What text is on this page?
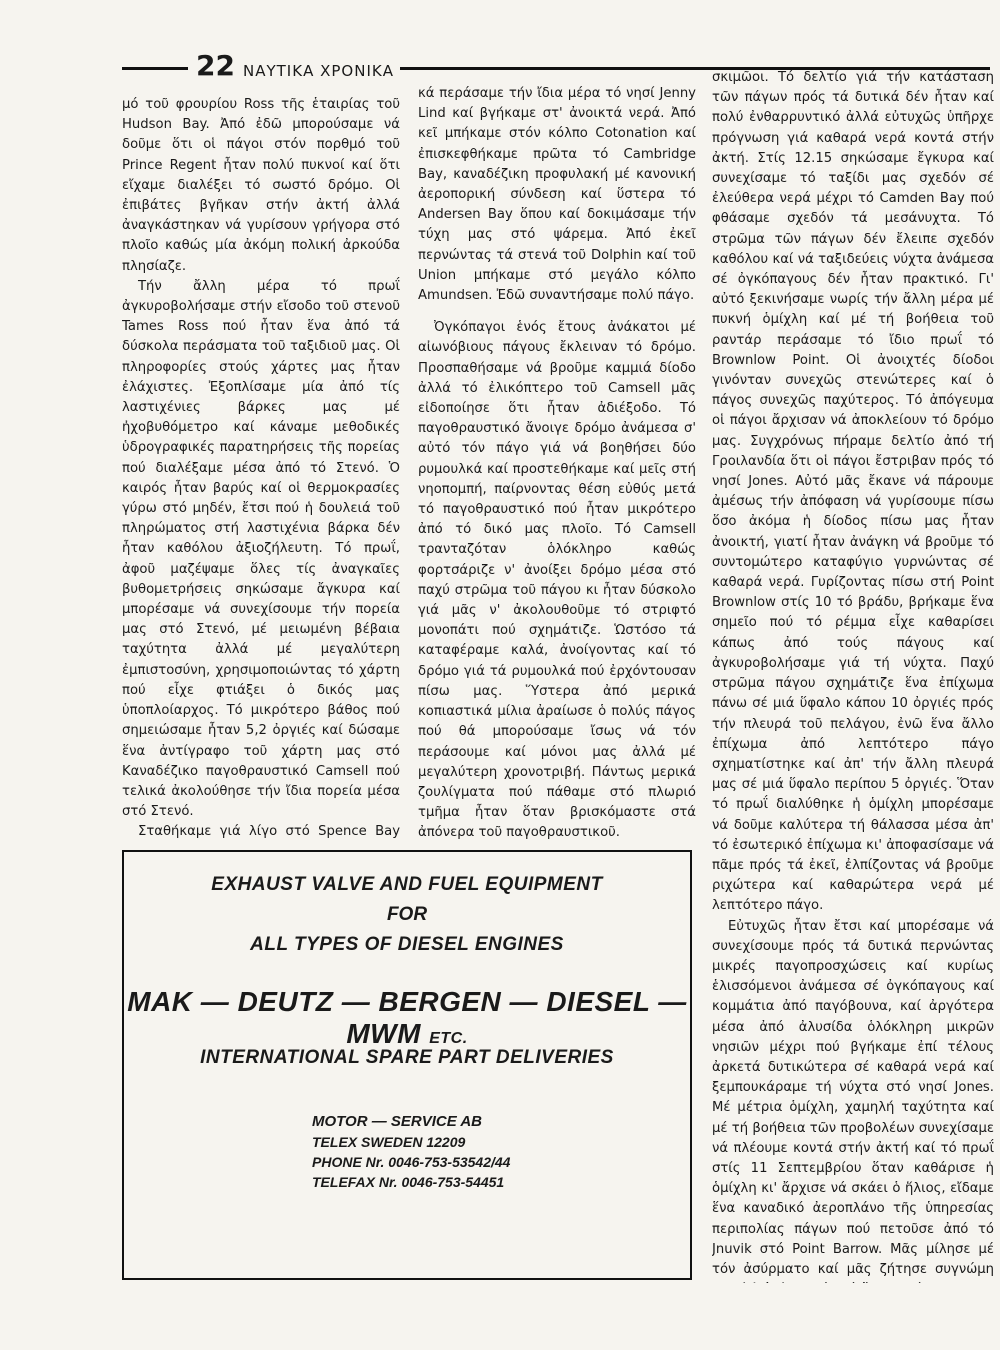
22 ΝΑΥΤΙΚΑ ΧΡΟΝΙΚΑ

μό τοῦ φρουρίου Ross τῆς ἑταιρίας τοῦ Hudson Bay. Ἀπό ἐδῶ μπορούσαμε νά δοῦμε ὅτι οἱ πάγοι στόν πορθμό τοῦ Prince Regent ἦταν πολύ πυκνοί καί ὅτι εἴχαμε διαλέξει τό σωστό δρόμο. Οἱ ἐπιβάτες βγῆκαν στήν ἀκτή ἀλλά ἀναγκάστηκαν νά γυρίσουν γρήγορα στό πλοῖο καθώς μία ἀκόμη πολική ἀρκούδα πλησίαζε.

Τήν ἄλλη μέρα τό πρωΐ ἀγκυροβολήσαμε στήν εἴσοδο τοῦ στενοῦ Tames Ross πού ἦταν ἕνα ἀπό τά δύσκολα περάσματα τοῦ ταξιδιοῦ μας. Οἱ πληροφορίες στούς χάρτες μας ἦταν ἐλάχιστες. Ἐξοπλίσαμε μία ἀπό τίς λαστιχένιες βάρκες μας μέ ἠχοβυθόμετρο καί κάναμε μεθοδικές ὑδρογραφικές παρατηρήσεις τῆς πορείας πού διαλέξαμε μέσα ἀπό τό Στενό. Ὁ καιρός ἦταν βαρύς καί οἱ θερμοκρασίες γύρω στό μηδέν, ἔτσι πού ἡ δουλειά τοῦ πληρώματος στή λαστιχένια βάρκα δέν ἦταν καθόλου ἀξιοζήλευτη. Τό πρωΐ, ἀφοῦ μαζέψαμε ὅλες τίς ἀναγκαῖες βυθομετρήσεις σηκώσαμε ἄγκυρα καί μπορέσαμε νά συνεχίσουμε τήν πορεία μας στό Στενό, μέ μειωμένη βέβαια ταχύτητα ἀλλά μέ μεγαλύτερη ἐμπιστοσύνη, χρησιμοποιώντας τό χάρτη πού εἶχε φτιάξει ὁ δικός μας ὑποπλοίαρχος. Τό μικρότερο βάθος πού σημειώσαμε ἦταν 5,2 ὀργιές καί δώσαμε ἕνα ἀντίγραφο τοῦ χάρτη μας στό Καναδέζικο παγοθραυστικό Camsell πού τελικά ἀκολούθησε τήν ἴδια πορεία μέσα στό Στενό.

Σταθήκαμε γιά λίγο στό Spence Bay

κά περάσαμε τήν ἴδια μέρα τό νησί Jenny Lind καί βγήκαμε στ' ἀνοικτά νερά. Ἀπό κεῖ μπήκαμε στόν κόλπο Cotonation καί ἐπισκεφθήκαμε πρῶτα τό Cambridge Bay, καναδέζικη προφυλακή μέ κανονική ἀεροπορική σύνδεση καί ὕστερα τό Andersen Bay ὅπου καί δοκιμάσαμε τήν τύχη μας στό ψάρεμα. Ἀπό ἐκεῖ περνώντας τά στενά τοῦ Dolphin καί τοῦ Union μπήκαμε στό μεγάλο κόλπο Amundsen. Ἐδῶ συναντήσαμε πολύ πάγο.

Ὀγκόπαγοι ἑνός ἔτους ἀνάκατοι μέ αἰωνόβιους πάγους ἔκλειναν τό δρόμο. Προσπαθήσαμε νά βροῦμε καμμιά δίοδο ἀλλά τό ἐλικόπτερο τοῦ Camsell μᾶς εἰδοποίησε ὅτι ἦταν ἀδιέξοδο. Τό παγοθραυστικό ἄνοιγε δρόμο ἀνάμεσα σ' αὐτό τόν πάγο γιά νά βοηθήσει δύο ρυμουλκά καί προστεθήκαμε καί μεῖς στή νηοπομπή, παίρνοντας θέση εὐθύς μετά τό παγοθραυστικό πού ἦταν μικρότερο ἀπό τό δικό μας πλοῖο. Τό Camsell τρανταζόταν ὁλόκληρο καθώς φορτσάριζε ν' ἀνοίξει δρόμο μέσα στό παχύ στρῶμα τοῦ πάγου κι ἦταν δύσκολο γιά μᾶς ν' ἀκολουθοῦμε τό στριφτό μονοπάτι πού σχημάτιζε. Ὡστόσο τά καταφέραμε καλά, ἀνοίγοντας καί τό δρόμο γιά τά ρυμουλκά πού ἐρχόντουσαν πίσω μας. Ὕστερα ἀπό μερικά κοπιαστικά μίλια ἀραίωσε ὁ πολύς πάγος πού θά μπορούσαμε ἴσως νά τόν περάσουμε καί μόνοι μας ἀλλά μέ μεγαλύτερη χρονοτριβή. Πάντως μερικά ζουλίγματα πού πάθαμε στό πλωριό τμῆμα ἦταν ὅταν βρισκόμαστε στά ἀπόνερα τοῦ παγοθραυστικοῦ.

σκιμῶοι. Τό δελτίο γιά τήν κατάσταση τῶν πάγων πρός τά δυτικά δέν ἦταν καί πολύ ἐνθαρρυντικό ἀλλά εὐτυχῶς ὑπῆρχε πρόγνωση γιά καθαρά νερά κοντά στήν ἀκτή. Στίς 12.15 σηκώσαμε ἔγκυρα καί συνεχίσαμε τό ταξίδι μας σχεδόν σέ ἐλεύθερα νερά μέχρι τό Camden Bay πού φθάσαμε σχεδόν τά μεσάνυχτα. Τό στρῶμα τῶν πάγων δέν ἔλειπε σχεδόν καθόλου καί νά ταξιδεύεις νύχτα ἀνάμεσα σέ ὀγκόπαγους δέν ἦταν πρακτικό. Γι' αὐτό ξεκινήσαμε νωρίς τήν ἄλλη μέρα μέ πυκνή ὁμίχλη καί μέ τή βοήθεια τοῦ ραντάρ περάσαμε τό ἴδιο πρωΐ τό Brownlow Point. Οἱ ἀνοιχτές δίοδοι γινόνταν συνεχῶς στενώτερες καί ὁ πάγος συνεχῶς παχύτερος. Τό ἀπόγευμα οἱ πάγοι ἄρχισαν νά ἀποκλείουν τό δρόμο μας. Συγχρόνως πήραμε δελτίο ἀπό τή Γροιλανδία ὅτι οἱ πάγοι ἔστριβαν πρός τό νησί Jones. Αὐτό μᾶς ἔκανε νά πάρουμε ἀμέσως τήν ἀπόφαση νά γυρίσουμε πίσω ὅσο ἀκόμα ἡ δίοδος πίσω μας ἦταν ἀνοικτή, γιατί ἦταν ἀνάγκη νά βροῦμε τό συντομώτερο καταφύγιο γυρνώντας σέ καθαρά νερά. Γυρίζοντας πίσω στή Point Brownlow στίς 10 τό βράδυ, βρήκαμε ἕνα σημεῖο πού τό ρέμμα εἶχε καθαρίσει κάπως ἀπό τούς πάγους καί ἀγκυροβολήσαμε γιά τή νύχτα. Παχύ στρῶμα πάγου σχημάτιζε ἕνα ἐπίχωμα πάνω σέ μιά ὕφαλο κάπου 10 ὀργιές πρός τήν πλευρά τοῦ πελάγου, ἐνῶ ἕνα ἄλλο ἐπίχωμα ἀπό λεπτότερο πάγο σχηματίστηκε καί ἀπ' τήν ἄλλη πλευρά μας σέ μιά ὕφαλο περίπου 5 ὀργιές. Ὅταν τό πρωΐ διαλύθηκε ἡ ὁμίχλη μπορέσαμε νά δοῦμε καλύτερα τή θάλασσα μέσα ἀπ' τό ἐσωτερικό ἐπίχωμα κι' ἀποφασίσαμε νά πᾶμε πρός τά ἐκεῖ, ἐλπίζοντας νά βροῦμε ριχώτερα καί καθαρώτερα νερά μέ λεπτότερο πάγο.

Εὐτυχῶς ἦταν ἔτσι καί μπορέσαμε νά συνεχίσουμε πρός τά δυτικά περνώντας μικρές παγοπροσχώσεις καί κυρίως ἑλισσόμενοι ἀνάμεσα σέ ὀγκόπαγους καί κομμάτια ἀπό παγόβουνα, καί ἀργότερα μέσα ἀπό ἀλυσίδα ὁλόκληρη μικρῶν νησιῶν μέχρι πού βγήκαμε ἐπί τέλους ἀρκετά δυτικώτερα σέ καθαρά νερά καί ξεμπουκάραμε τή νύχτα στό νησί Jones. Μέ μέτρια ὁμίχλη, χαμηλή ταχύτητα καί μέ τή βοήθεια τῶν προβολέων συνεχίσαμε νά πλέουμε κοντά στήν ἀκτή καί τό πρωΐ στίς 11 Σεπτεμβρίου ὅταν καθάρισε ἡ ὁμίχλη κι' ἄρχισε νά σκάει ὁ ἥλιος, εἴδαμε ἕνα καναδικό ἀεροπλάνο τῆς ὑπηρεσίας περιπολίας πάγων πού πετοῦσε ἀπό τό Jnuvik στό Point Barrow. Μᾶς μίλησε μέ τόν ἀσύρματο καί μᾶς ζήτησε συγνώμη

EXHAUST VALVE AND FUEL EQUIPMENT
FOR
ALL TYPES OF DIESEL ENGINES
MAK — DEUTZ — BERGEN — DIESEL — MWM ETC.
INTERNATIONAL SPARE PART DELIVERIES
MOTOR — SERVICE AB
TELEX SWEDEN 12209
PHONE Nr. 0046-753-53542/44
TELEFAX Nr. 0046-753-54451
